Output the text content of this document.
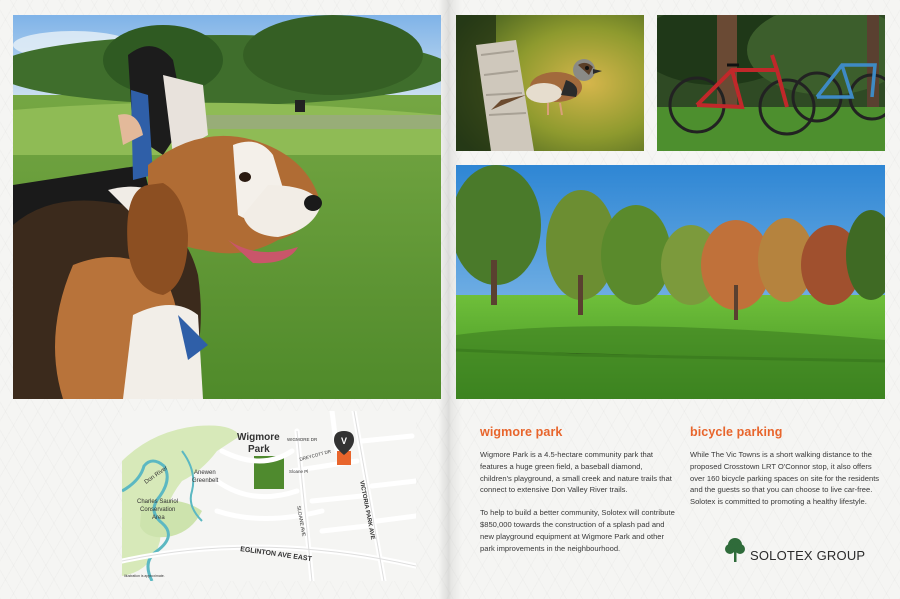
V
Wigmore
Park
WIGMORE DR
DREYCOTT DR
Sloane Pl
SLOANE AVE	VICTORIA PARK AVE
EGLINTON AVE EAST
Don River	Anewen
Greenbelt
Charles Sauriol
Conservation
Area
Illustration is approximate.
wigmore park

Wigmore Park is a 4.5-hectare community park that features a huge green field, a baseball diamond, children's playground, a small creek and nature trails that connect to extensive Don Valley River trails.

To help to build a better community, Solotex will contribute $850,000 towards the construction of a splash pad and new playground equipment at Wigmore Park and other park improvements in the neighbourhood.

bicycle parking

While The Vic Towns is a short walking distance to the proposed Crosstown LRT O'Connor stop, it also offers over 160 bicycle parking spaces on site for the residents and the guests so that you can choose to live car-free. Solotex is committed to promoting a healthy lifestyle.

SOLOTEX GROUP
